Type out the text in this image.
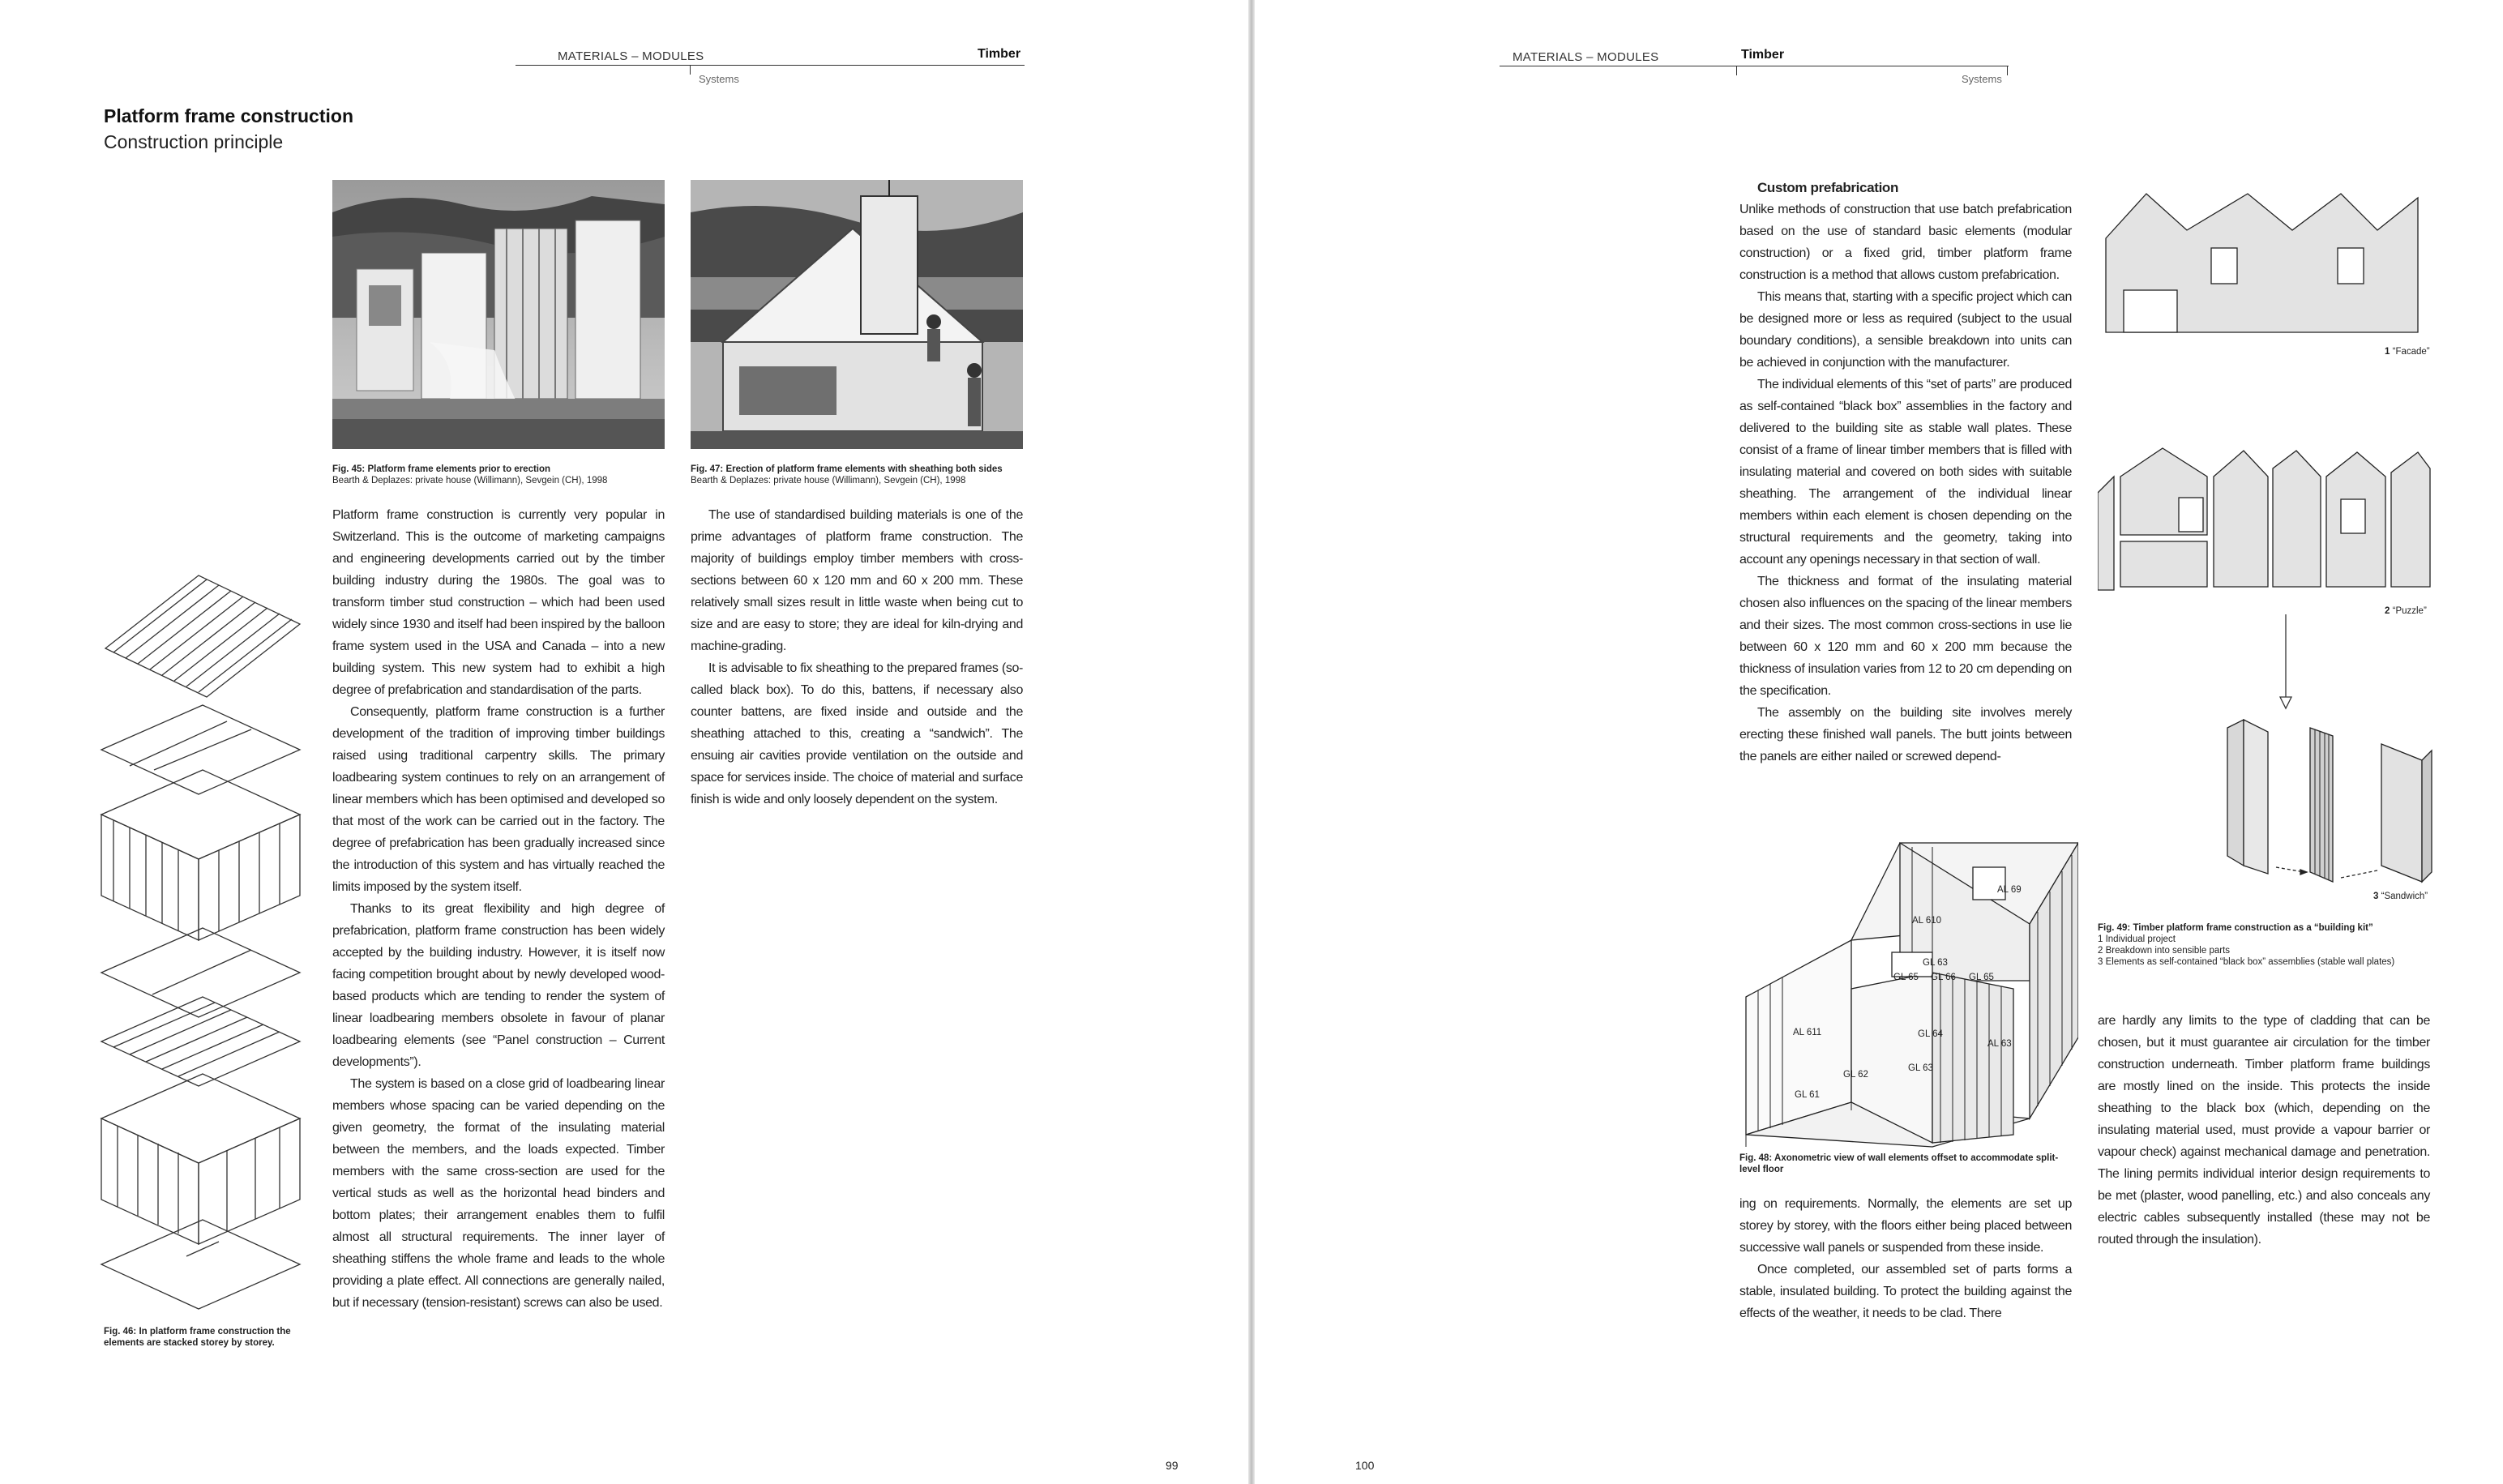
MATERIALS – MODULES	Timber
Systems
Platform frame construction
Construction principle
Fig. 45: Platform frame elements prior to erection
Bearth & Deplazes: private house (Willimann), Sevgein (CH), 1998
Fig. 47: Erection of platform frame elements with sheathing both sides
Bearth & Deplazes: private house (Willimann), Sevgein (CH), 1998
Fig. 46: In platform frame construction the elements are stacked storey by storey.

Platform frame construction is currently very popular in Switzerland. This is the outcome of marketing campaigns and engineering developments carried out by the timber building industry during the 1980s. The goal was to transform timber stud construction – which had been used widely since 1930 and itself had been inspired by the balloon frame system used in the USA and Canada – into a new building system. This new system had to exhibit a high degree of prefabrication and standardisation of the parts.

Consequently, platform frame construction is a further development of the tradition of improving timber buildings raised using traditional carpentry skills. The primary loadbearing system continues to rely on an arrangement of linear members which has been optimised and developed so that most of the work can be carried out in the factory. The degree of prefabrication has been gradually increased since the introduction of this system and has virtually reached the limits imposed by the system itself.

Thanks to its great flexibility and high degree of prefabrication, platform frame construction has been widely accepted by the building industry. However, it is itself now facing competition brought about by newly developed wood-based products which are tending to render the system of linear loadbearing members obsolete in favour of planar loadbearing elements (see “Panel construction – Current developments”).

The system is based on a close grid of loadbearing linear members whose spacing can be varied depending on the given geometry, the format of the insulating material between the members, and the loads expected. Timber members with the same cross-section are used for the vertical studs as well as the horizontal head binders and bottom plates; their arrangement enables them to fulfil almost all structural requirements. The inner layer of sheathing stiffens the whole frame and leads to the whole providing a plate effect. All connections are generally nailed, but if necessary (tension-resistant) screws can also be used.

The use of standardised building materials is one of the prime advantages of platform frame construction. The majority of buildings employ timber members with cross-sections between 60 x 120 mm and 60 x 200 mm. These relatively small sizes result in little waste when being cut to size and are easy to store; they are ideal for kiln-drying and machine-grading.

It is advisable to fix sheathing to the prepared frames (so-called black box). To do this, battens, if necessary also counter battens, are fixed inside and outside and the sheathing attached to this, creating a “sandwich”. The ensuing air cavities provide ventilation on the outside and space for services inside. The choice of material and surface finish is wide and only loosely dependent on the system.

99
MATERIALS – MODULES	Timber
Systems

Custom prefabrication

Unlike methods of construction that use batch prefabrication based on the use of standard basic elements (modular construction) or a fixed grid, timber platform frame construction is a method that allows custom prefabrication.

This means that, starting with a specific project which can be designed more or less as required (subject to the usual boundary conditions), a sensible breakdown into units can be achieved in conjunction with the manufacturer.

The individual elements of this “set of parts” are produced as self-contained “black box” assemblies in the factory and delivered to the building site as stable wall plates. These consist of a frame of linear timber members that is filled with insulating material and covered on both sides with suitable sheathing. The arrangement of the individual linear members within each element is chosen depending on the structural requirements and the geometry, taking into account any openings necessary in that section of wall.

The thickness and format of the insulating material chosen also influences on the spacing of the linear members and their sizes. The most common cross-sections in use lie between 60 x 120 mm and 60 x 200 mm because the thickness of insulation varies from 12 to 20 cm depending on the specification.

The assembly on the building site involves merely erecting these finished wall panels. The butt joints between the panels are either nailed or screwed depend-

AL 69
AL 610
GL 63
GL 65 GL 66 GL 65
GL 64
AL 611
GL 63
GL 62
GL 61
AL 63
Fig. 48: Axonometric view of wall elements offset to accommodate split-level floor

ing on requirements. Normally, the elements are set up storey by storey, with the floors either being placed between successive wall panels or suspended from these inside.

Once completed, our assembled set of parts forms a stable, insulated building. To protect the building against the effects of the weather, it needs to be clad. There

1 “Facade”
2 “Puzzle”
3 “Sandwich”
Fig. 49: Timber platform frame construction as a “building kit”
1 Individual project
2 Breakdown into sensible parts
3 Elements as self-contained “black box” assemblies (stable wall plates)

are hardly any limits to the type of cladding that can be chosen, but it must guarantee air circulation for the timber construction underneath. Timber platform frame buildings are mostly lined on the inside. This protects the inside sheathing to the black box (which, depending on the insulating material used, must provide a vapour barrier or vapour check) against mechanical damage and penetration. The lining permits individual interior design requirements to be met (plaster, wood panelling, etc.) and also conceals any electric cables subsequently installed (these may not be routed through the insulation).

100
